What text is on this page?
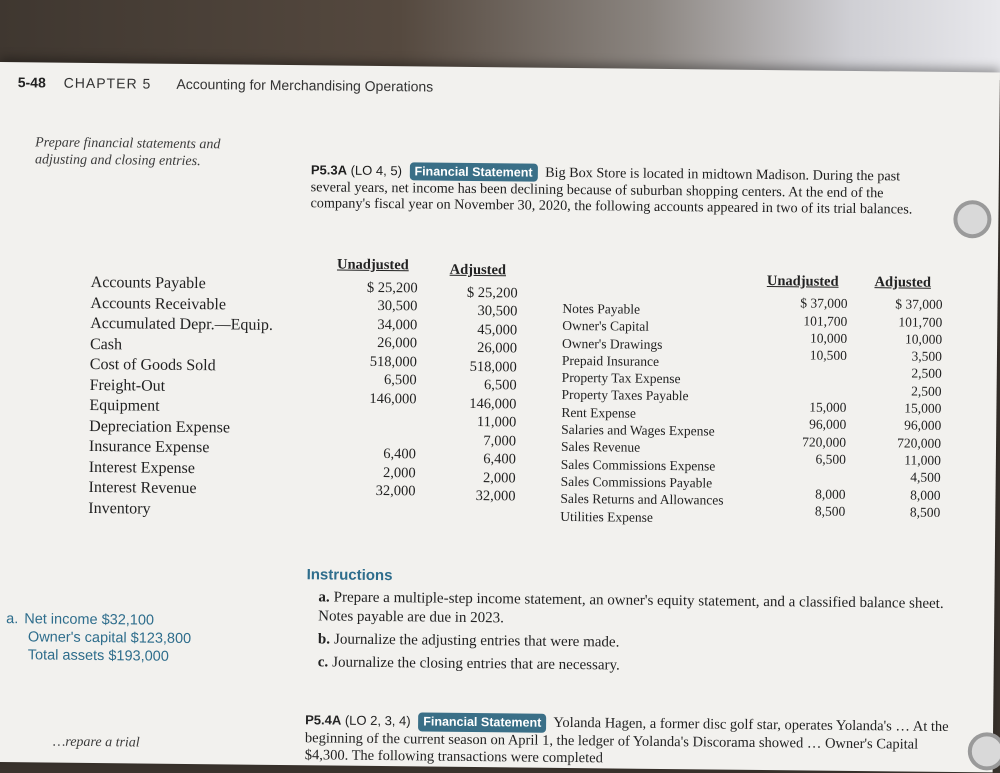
5-48 CHAPTER 5 Accounting for Merchandising Operations
Prepare financial statements and adjusting and closing entries.
P5.3A (LO 4, 5) Financial Statement Big Box Store is located in midtown Madison. During the past several years, net income has been declining because of suburban shopping centers. At the end of the company's fiscal year on November 30, 2020, the following accounts appeared in two of its trial balances.
Accounts Payable
Accounts Receivable
Accumulated Depr.—Equip.
Cash
Cost of Goods Sold
Freight-Out
Equipment
Depreciation Expense
Insurance Expense
Interest Expense
Interest Revenue
Inventory
Unadjusted
$ 25,200
30,500
34,000
26,000
518,000
6,500
146,000

6,400
2,000
32,000
Adjusted
$ 25,200
30,500
45,000
26,000
518,000
6,500
146,000
11,000
7,000
6,400
2,000
32,000
Notes Payable
Owner's Capital
Owner's Drawings
Prepaid Insurance
Property Tax Expense
Property Taxes Payable
Rent Expense
Salaries and Wages Expense
Sales Revenue
Sales Commissions Expense
Sales Commissions Payable
Sales Returns and Allowances
Utilities Expense
Unadjusted
$ 37,000
101,700
10,000
10,500

15,000
96,000
720,000
6,500

8,000
8,500
Adjusted
$ 37,000
101,700
10,000
3,500
2,500
2,500
15,000
96,000
720,000
11,000
4,500
8,000
8,500
Instructions
a. Prepare a multiple-step income statement, an owner's equity statement, and a classified balance sheet. Notes payable are due in 2023.
b. Journalize the adjusting entries that were made.
c. Journalize the closing entries that are necessary.
a. Net income $32,100
Owner's capital $123,800
Total assets $193,000
P5.4A (LO 2, 3, 4) Financial Statement Yolanda Hagen, a former disc golf star, operates Yolanda's … At the beginning of the current season on April 1, the ledger of Yolanda's Discorama showed … Owner's Capital $4,300. The following transactions were completed
…repare a trial
